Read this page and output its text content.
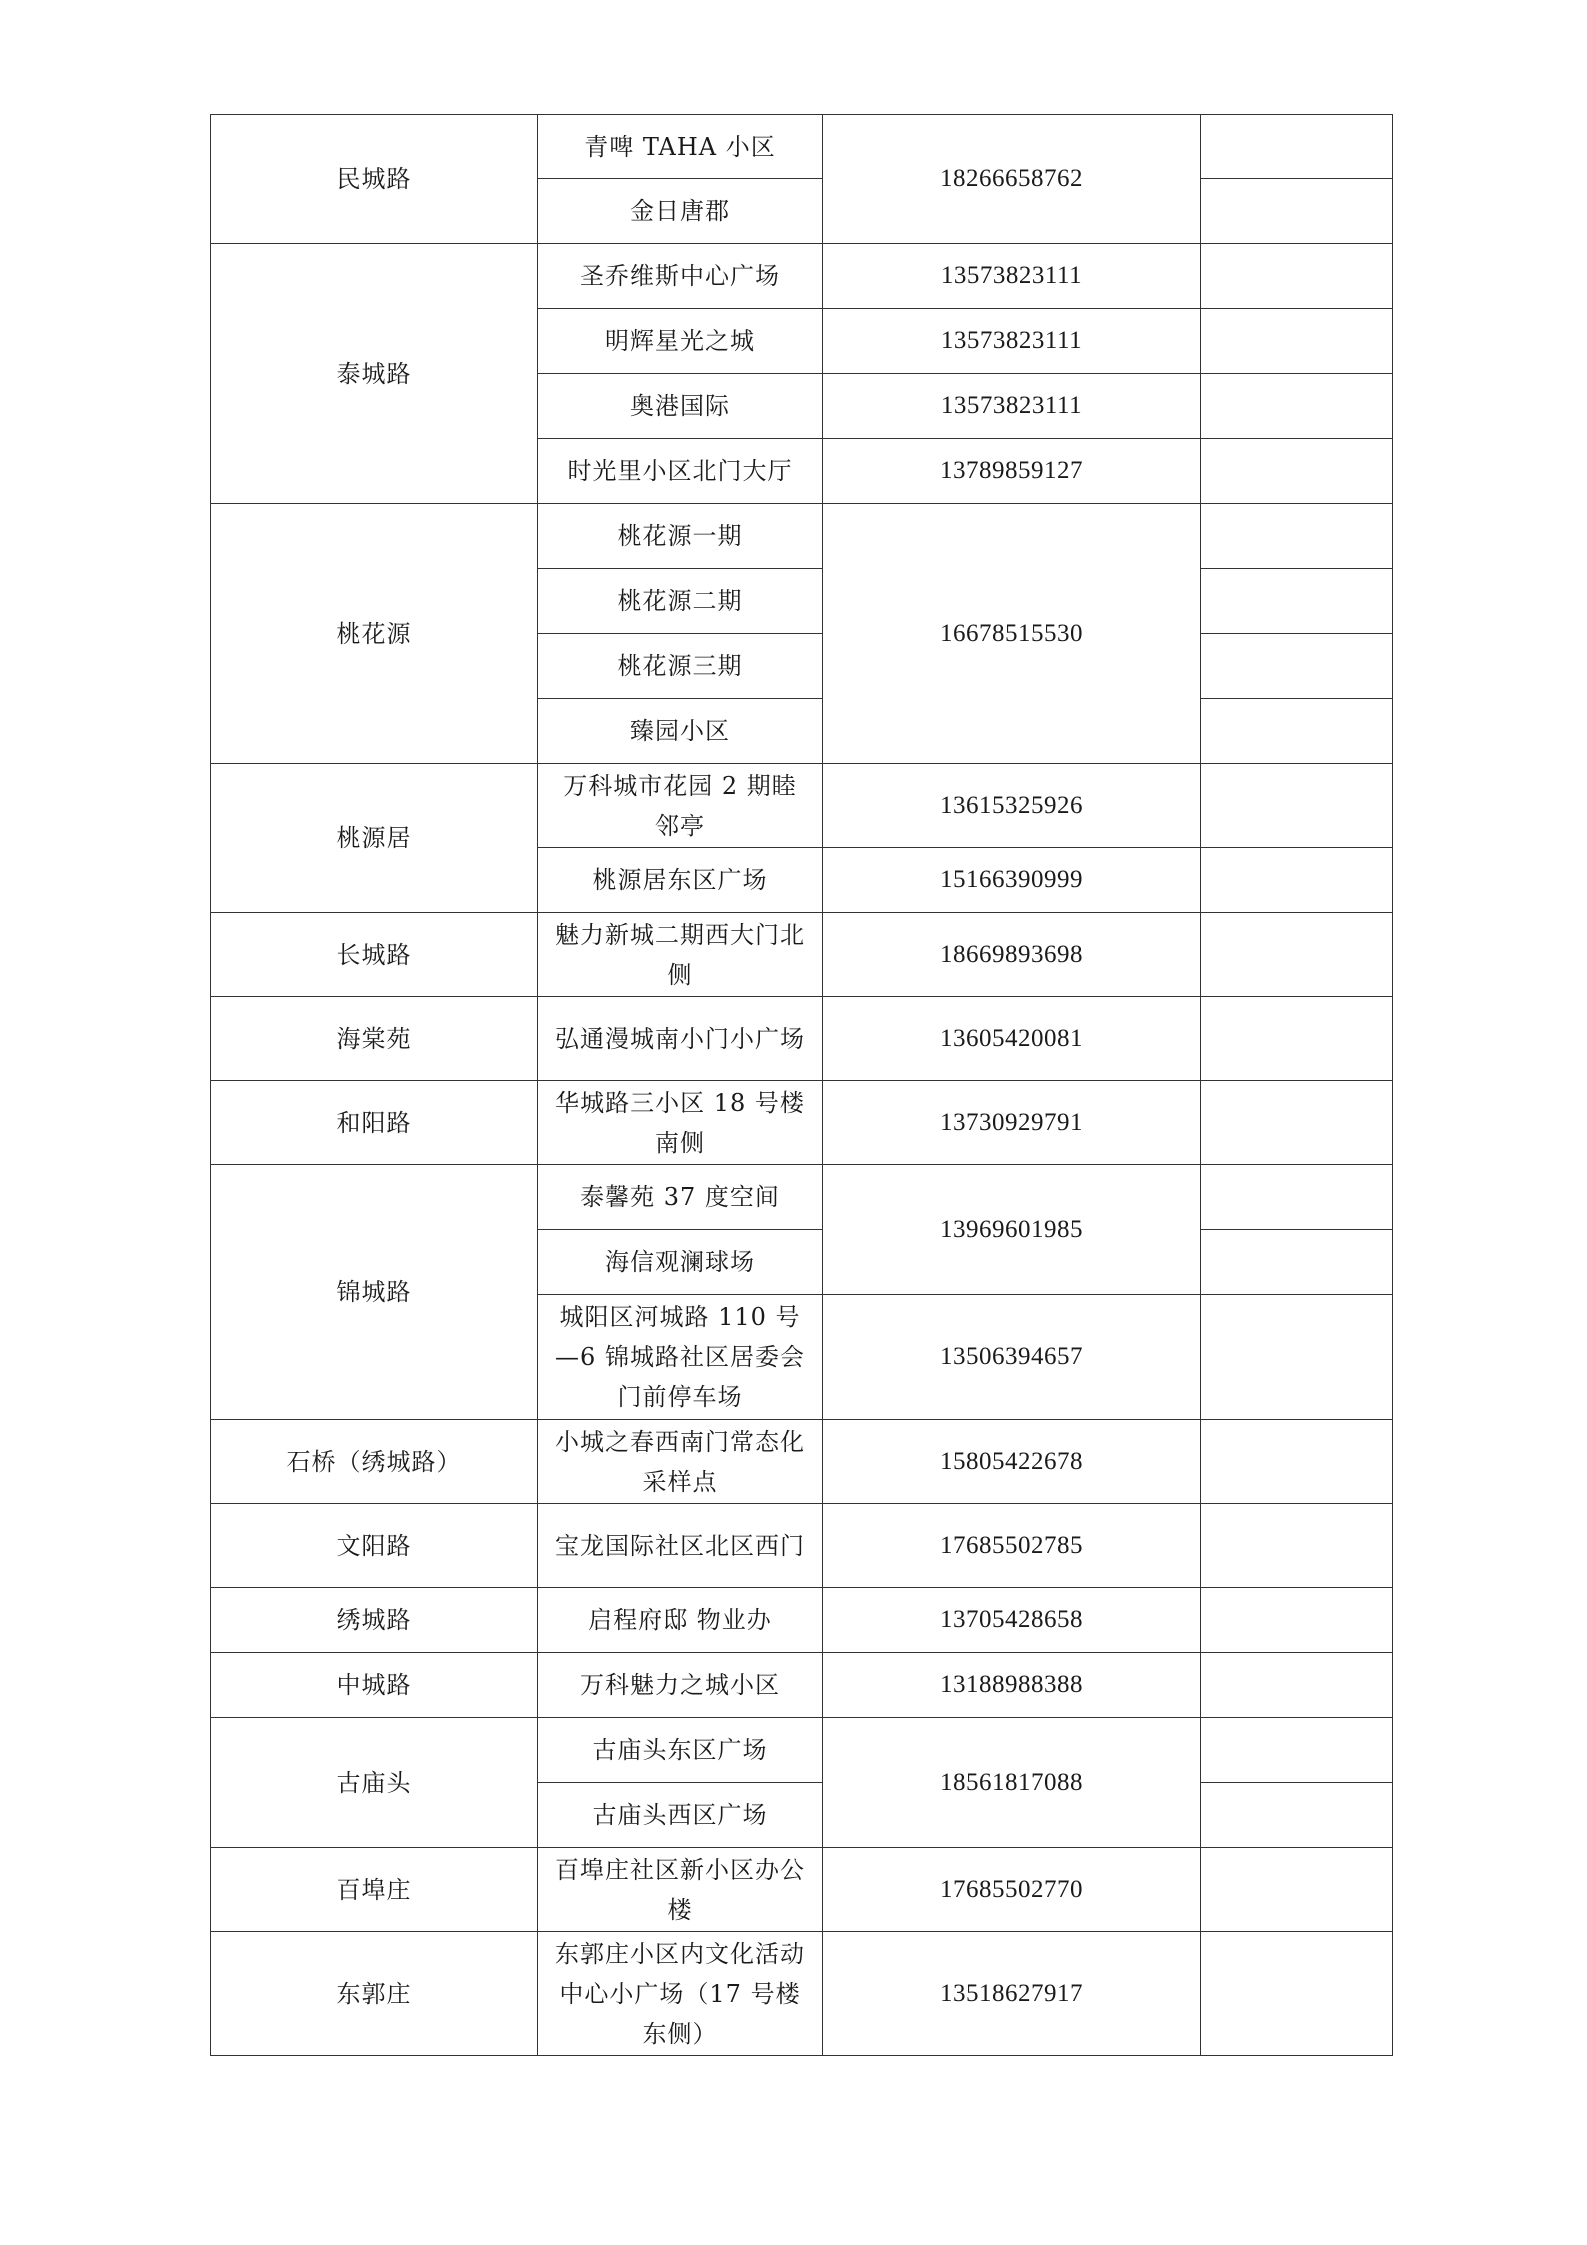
民城路	青啤 TAHA 小区	18266658762	
	金日唐郡		
泰城路	圣乔维斯中心广场	13573823111	
	明辉星光之城	13573823111	
	奥港国际	13573823111	
	时光里小区北门大厅	13789859127	
桃花源	桃花源一期	16678515530	
	桃花源二期		
	桃花源三期		
	臻园小区		
桃源居	万科城市花园 2 期睦邻亭	13615325926	
	桃源居东区广场	15166390999	
长城路	魅力新城二期西大门北侧	18669893698	
海棠苑	弘通漫城南小门小广场	13605420081	
和阳路	华城路三小区 18 号楼南侧	13730929791	
锦城路	泰馨苑 37 度空间	13969601985	
	海信观澜球场		
	城阳区河城路 110 号—6 锦城路社区居委会门前停车场	13506394657	
石桥（绣城路）	小城之春西南门常态化采样点	15805422678	
文阳路	宝龙国际社区北区西门	17685502785	
绣城路	启程府邸 物业办	13705428658	
中城路	万科魅力之城小区	13188988388	
古庙头	古庙头东区广场	18561817088	
	古庙头西区广场		
百埠庄	百埠庄社区新小区办公楼	17685502770	
东郭庄	东郭庄小区内文化活动中心小广场（17 号楼东侧）	13518627917	
